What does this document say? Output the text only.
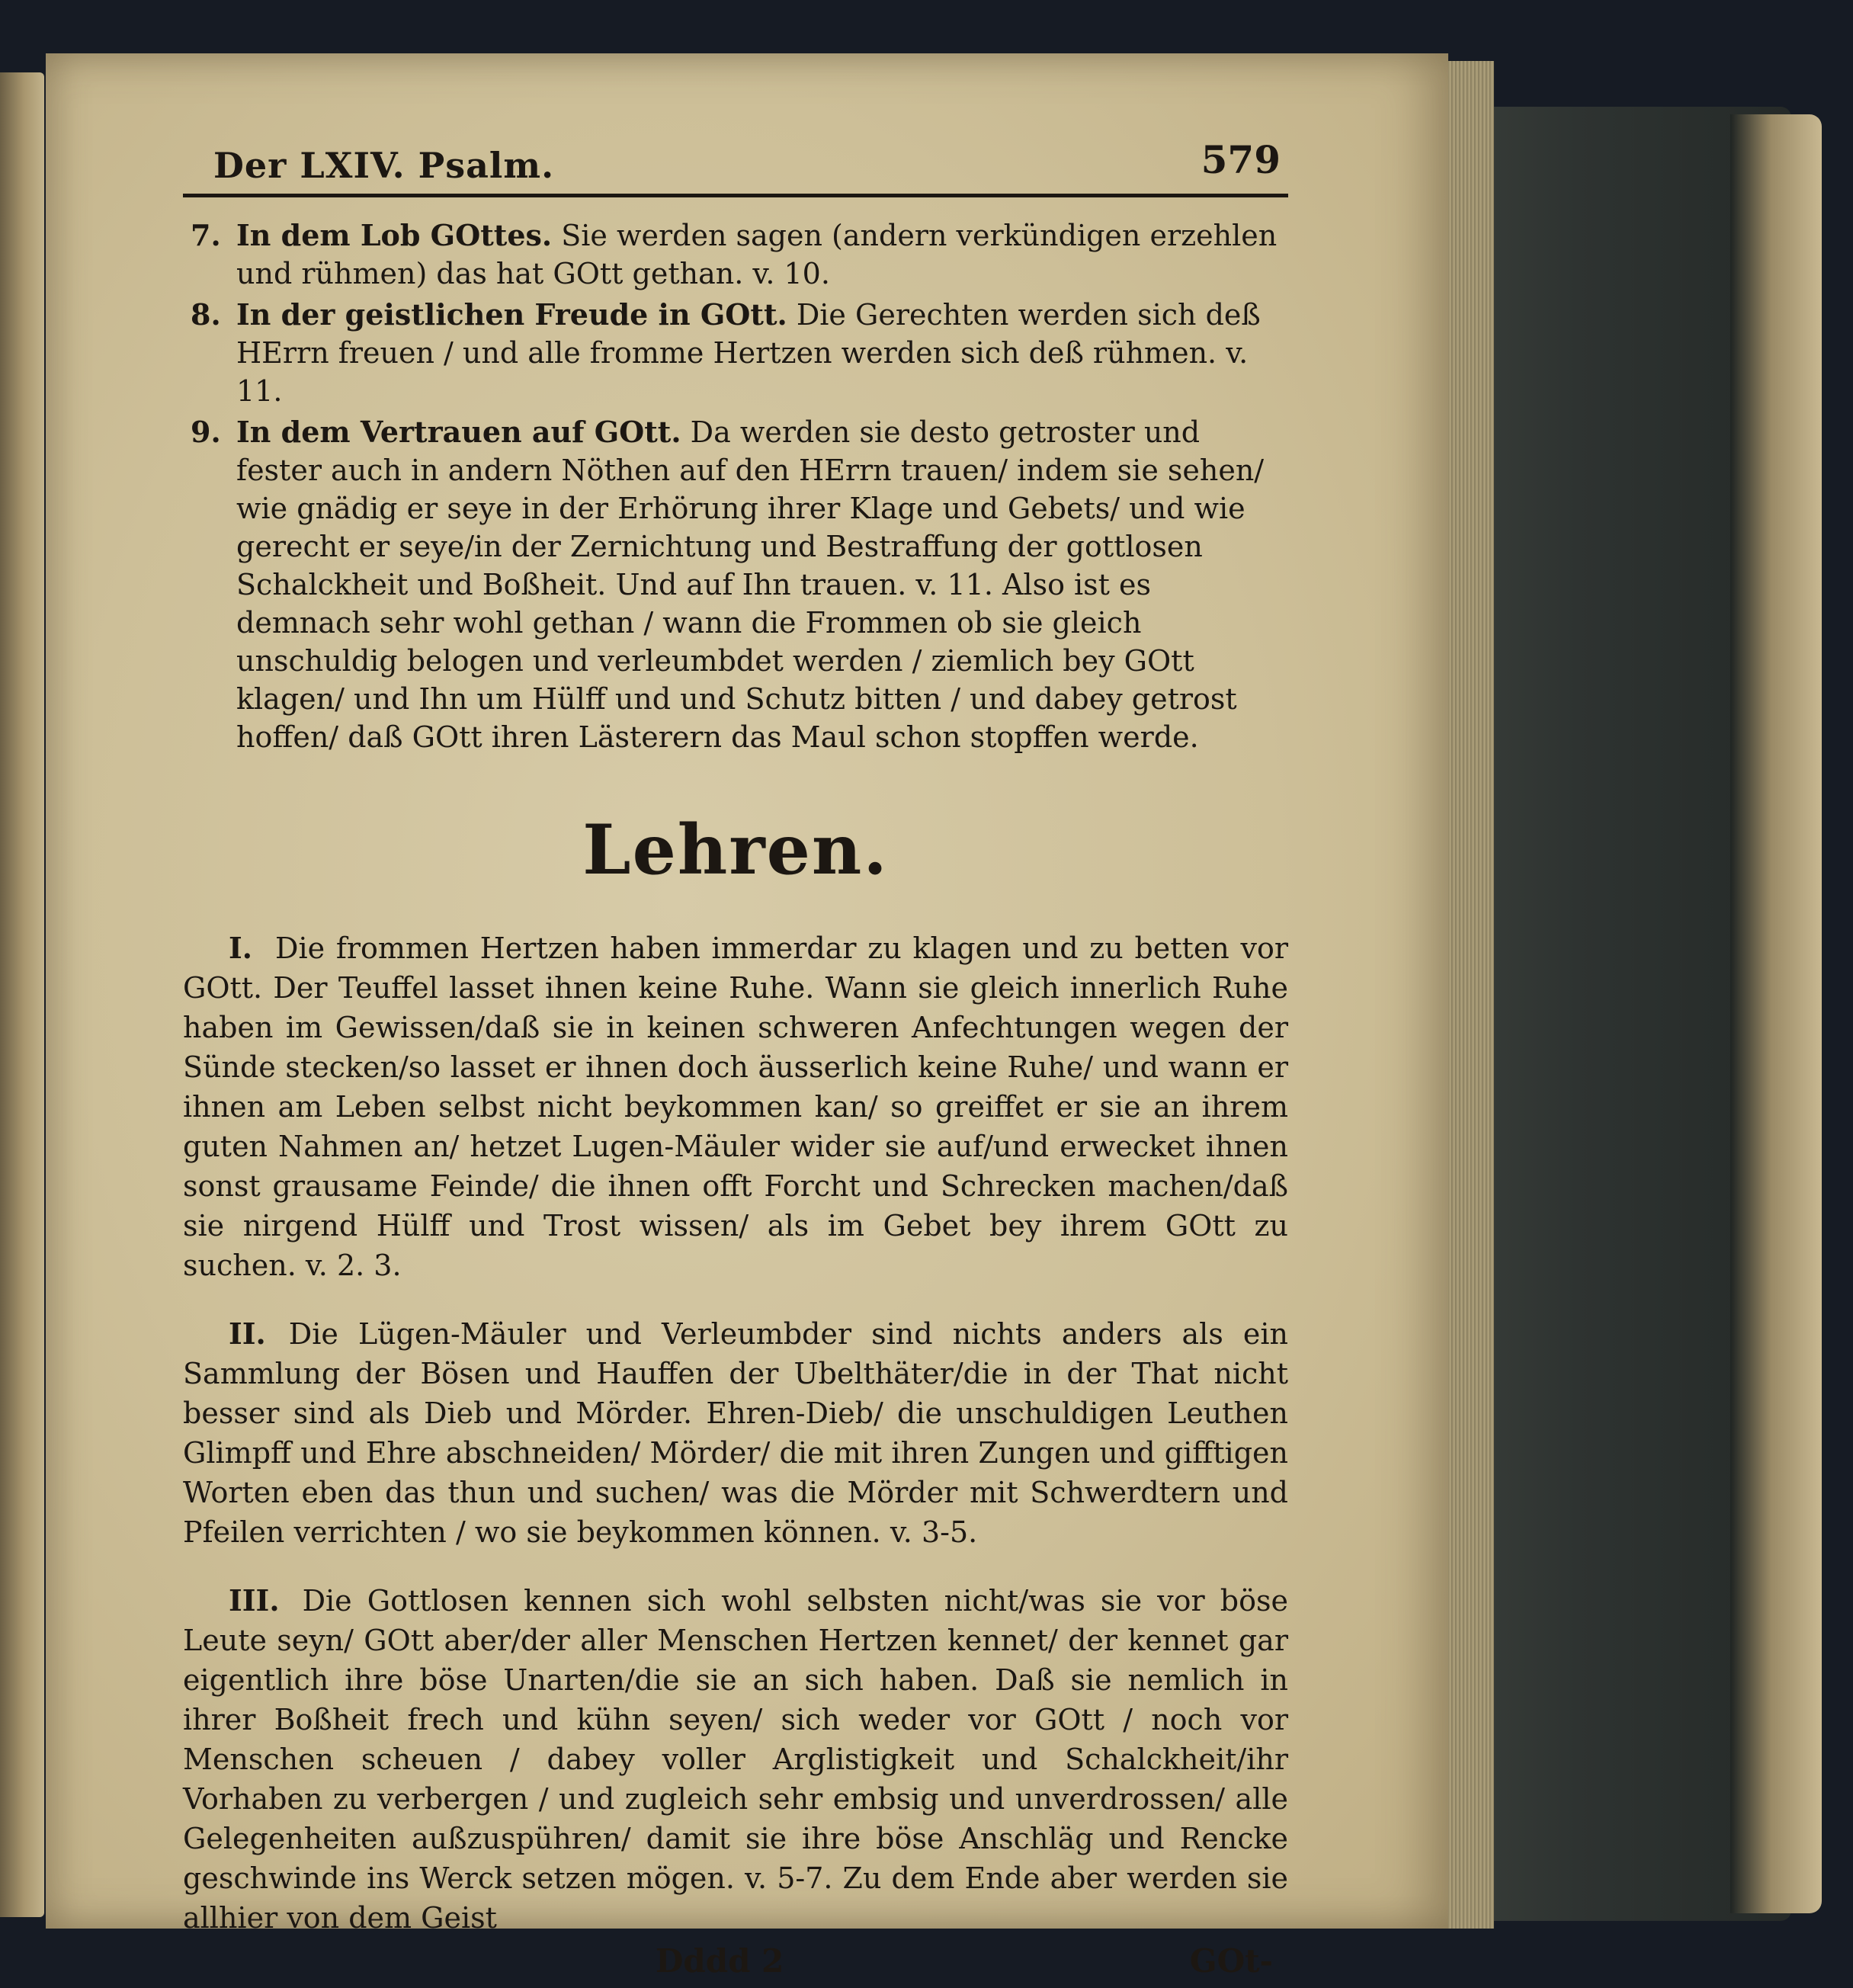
Der LXIV. Psalm.	579
7. In dem Lob GOttes. Sie werden sagen (andern verkündigen erzehlen und rühmen) das hat GOtt gethan. v. 10.
8. In der geistlichen Freude in GOtt. Die Gerechten werden sich deß HErrn freuen / und alle fromme Hertzen werden sich deß rühmen. v. 11.
9. In dem Vertrauen auf GOtt. Da werden sie desto getroster und fester auch in andern Nöthen auf den HErrn trauen/ indem sie sehen/ wie gnädig er seye in der Erhörung ihrer Klage und Gebets/ und wie gerecht er seye/in der Zernichtung und Bestraffung der gottlosen Schalckheit und Boßheit. Und auf Ihn trauen. v. 11. Also ist es demnach sehr wohl gethan / wann die Frommen ob sie gleich unschuldig belogen und verleumbdet werden / ziemlich bey GOtt klagen/ und Ihn um Hülff und und Schutz bitten / und dabey getrost hoffen/ daß GOtt ihren Lästerern das Maul schon stopffen werde.
Lehren.

I. Die frommen Hertzen haben immerdar zu klagen und zu betten vor GOtt. Der Teuffel lasset ihnen keine Ruhe. Wann sie gleich innerlich Ruhe haben im Gewissen/daß sie in keinen schweren Anfechtungen wegen der Sünde stecken/so lasset er ihnen doch äusserlich keine Ruhe/ und wann er ihnen am Leben selbst nicht beykommen kan/ so greiffet er sie an ihrem guten Nahmen an/ hetzet Lugen-Mäuler wider sie auf/und erwecket ihnen sonst grausame Feinde/ die ihnen offt Forcht und Schrecken machen/daß sie nirgend Hülff und Trost wissen/ als im Gebet bey ihrem GOtt zu suchen. v. 2. 3.

II. Die Lügen-Mäuler und Verleumbder sind nichts anders als ein Sammlung der Bösen und Hauffen der Ubelthäter/die in der That nicht besser sind als Dieb und Mörder. Ehren-Dieb/ die unschuldigen Leuthen Glimpff und Ehre abschneiden/ Mörder/ die mit ihren Zungen und gifftigen Worten eben das thun und suchen/ was die Mörder mit Schwerdtern und Pfeilen verrichten / wo sie beykommen können. v. 3-5.

III. Die Gottlosen kennen sich wohl selbsten nicht/was sie vor böse Leute seyn/ GOtt aber/der aller Menschen Hertzen kennet/ der kennet gar eigentlich ihre böse Unarten/die sie an sich haben. Daß sie nemlich in ihrer Boßheit frech und kühn seyen/ sich weder vor GOtt / noch vor Menschen scheuen / dabey voller Arglistigkeit und Schalckheit/ihr Vorhaben zu verbergen / und zugleich sehr embsig und unverdrossen/ alle Gelegenheiten außzuspühren/ damit sie ihre böse Anschläg und Rencke geschwinde ins Werck setzen mögen. v. 5-7. Zu dem Ende aber werden sie allhier von dem Geist

Dddd 2	GOt-
